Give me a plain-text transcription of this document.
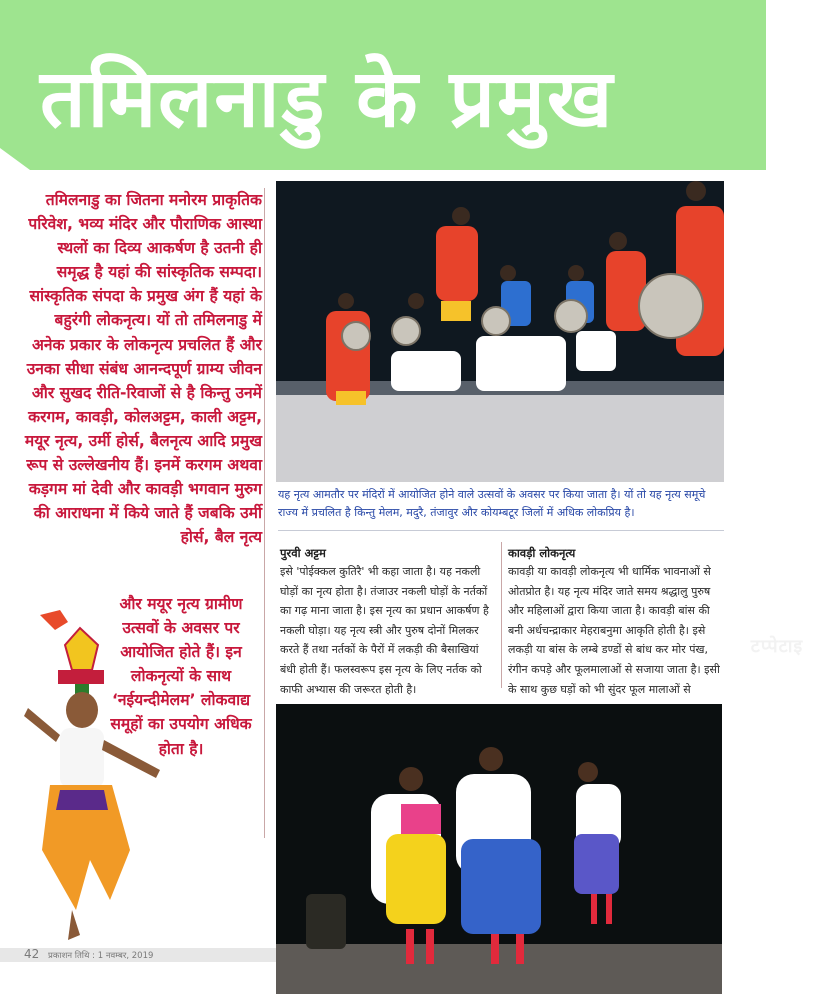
तमिलनाडु के प्रमुख

तमिलनाडु का जितना मनोरम प्राकृतिक परिवेश, भव्य मंदिर और पौराणिक आस्था स्थलों का दिव्य आकर्षण है उतनी ही समृद्ध है यहां की सांस्कृतिक सम्पदा। सांस्कृतिक संपदा के प्रमुख अंग हैं यहां के बहुरंगी लोकनृत्य। यों तो तमिलनाडु में अनेक प्रकार के लोकनृत्य प्रचलित हैं और उनका सीधा संबंध आनन्दपूर्ण ग्राम्य जीवन और सुखद रीति-रिवाजों से है किन्तु उनमें करगम, कावड़ी, कोलअट्टम, काली अट्टम, मयूर नृत्य, उर्मी होर्स, बैलनृत्य आदि प्रमुख रूप से उल्लेखनीय हैं। इनमें करगम अथवा कड़गम मां देवी और कावड़ी भगवान मुरुग की आराधना में किये जाते हैं जबकि उर्मी होर्स, बैल नृत्य

और मयूर नृत्य ग्रामीण उत्सवों के अवसर पर आयोजित होते हैं। इन लोकनृत्यों के साथ ‘नईयन्दीमेलम’ लोकवाद्य समूहों का उपयोग अधिक होता है।

टप्पेटाइ
यह नृत्य आमतौर पर मंदिरों में आयोजित होने वाले उत्सवों के अवसर पर किया जाता है। यों तो यह नृत्य समूचे राज्य में प्रचलित है किन्तु मेलम, मदुरै, तंजावुर और कोयम्बटूर जिलों में अधिक लोकप्रिय है।
पुरवी अट्टम

इसे 'पोईक्कल कुतिरै' भी कहा जाता है। यह नकली घोड़ों का नृत्य होता है। तंजाउर नकली घोड़ों के नर्तकों का गढ़ माना जाता है। इस नृत्य का प्रधान आकर्षण है नकली घोड़ा। यह नृत्य स्त्री और पुरुष दोनों मिलकर करते हैं तथा नर्तकों के पैरों में लकड़ी की बैसाखियां बंधी होती हैं। फलस्वरूप इस नृत्य के लिए नर्तक को काफी अभ्यास की जरूरत होती है।

कावड़ी लोकनृत्य

कावड़ी या कावड़ी लोकनृत्य भी धार्मिक भावनाओं से ओतप्रोत है। यह नृत्य मंदिर जाते समय श्रद्धालु पुरुष और महिलाओं द्वारा किया जाता है। कावड़ी बांस की बनी अर्धचन्द्राकार मेहराबनुमा आकृति होती है। इसे लकड़ी या बांस के लम्बे डण्डों से बांध कर मोर पंख, रंगीन कपड़े और फूलमालाओं से सजाया जाता है। इसी के साथ कुछ घड़ों को भी सुंदर फूल मालाओं से

42 प्रकाशन तिथि : 1 नवम्बर, 2019
